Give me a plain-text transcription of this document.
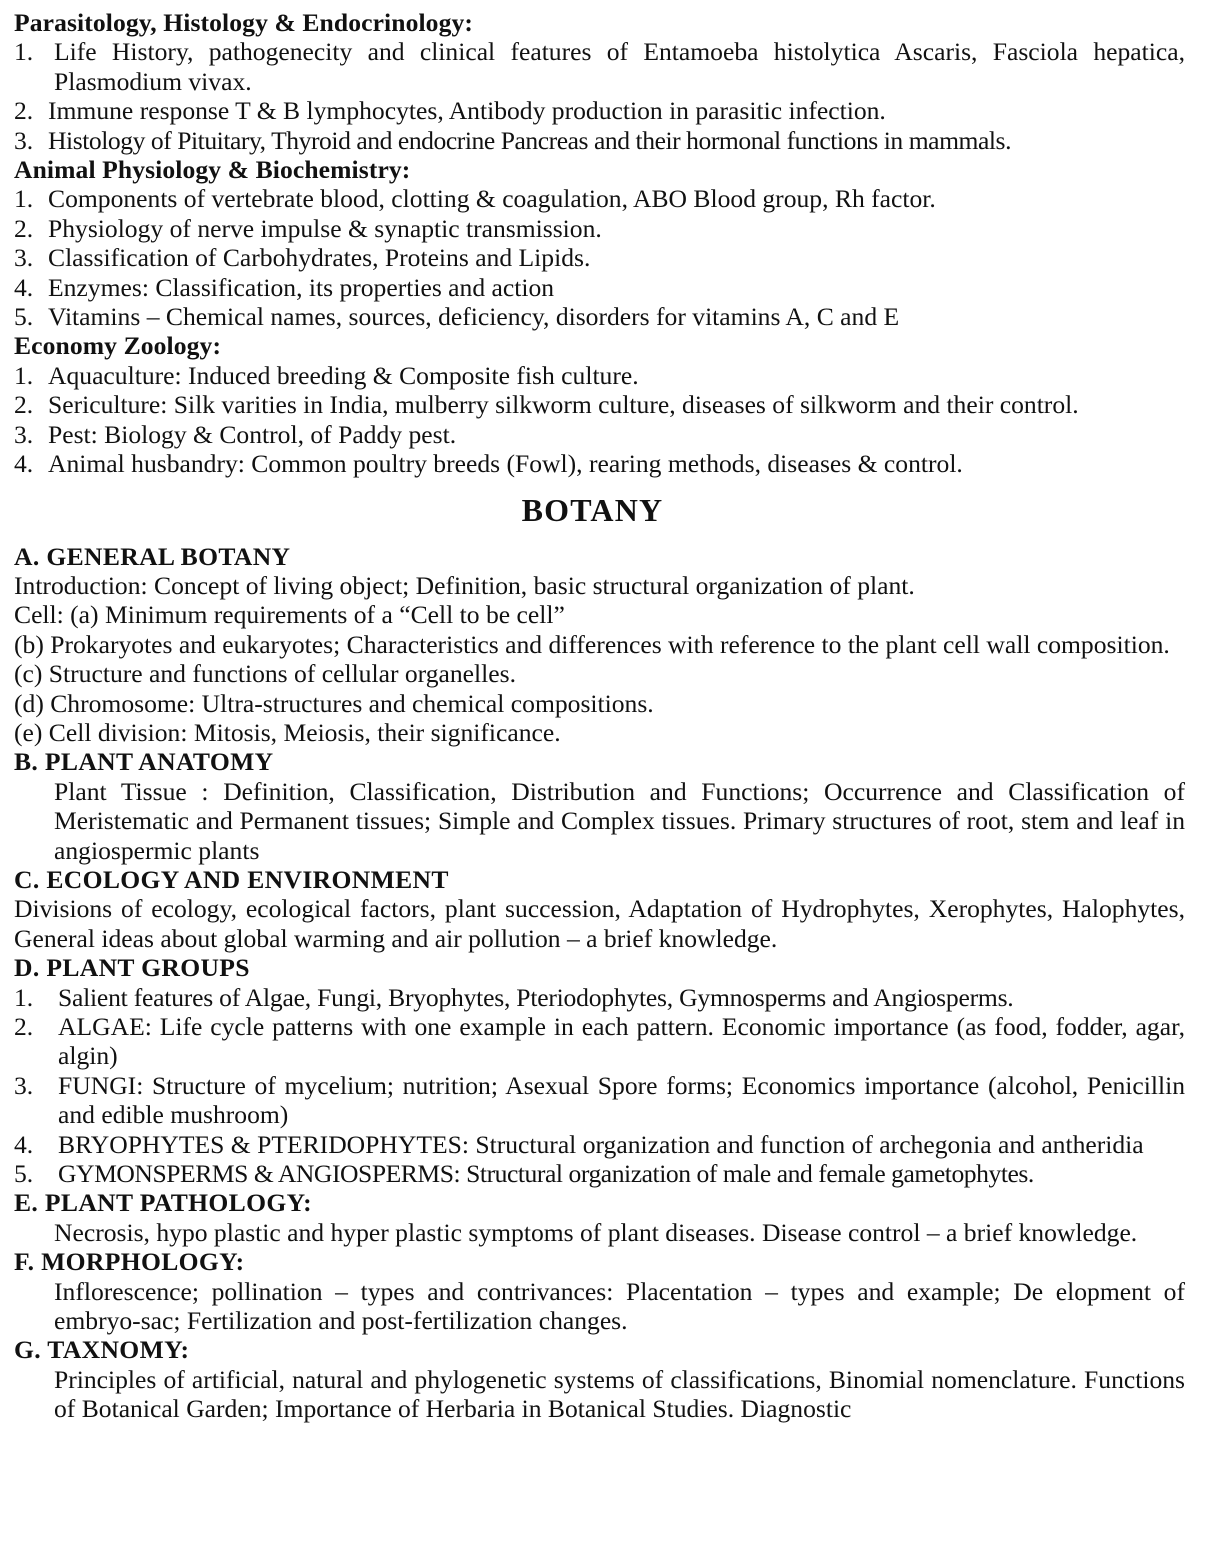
Parasitology, Histology & Endocrinology:
1. Life History, pathogenecity and clinical features of Entamoeba histolytica Ascaris, Fasciola hepatica, Plasmodium vivax.
2. Immune response T & B lymphocytes, Antibody production in parasitic infection.
3. Histology of Pituitary, Thyroid and endocrine Pancreas and their hormonal functions in mammals.
Animal Physiology & Biochemistry:
1. Components of vertebrate blood, clotting & coagulation, ABO Blood group, Rh factor.
2. Physiology of nerve impulse & synaptic transmission.
3. Classification of Carbohydrates, Proteins and Lipids.
4. Enzymes: Classification, its properties and action
5. Vitamins – Chemical names, sources, deficiency, disorders for vitamins A, C and E
Economy Zoology:
1. Aquaculture: Induced breeding & Composite fish culture.
2. Sericulture: Silk varities in India, mulberry silkworm culture, diseases of silkworm and their control.
3. Pest: Biology & Control, of Paddy pest.
4. Animal husbandry: Common poultry breeds (Fowl), rearing methods, diseases & control.
BOTANY
A. GENERAL BOTANY
Introduction: Concept of living object; Definition, basic structural organization of plant.
Cell: (a) Minimum requirements of a “Cell to be cell”
(b) Prokaryotes and eukaryotes; Characteristics and differences with reference to the plant cell wall composition.
(c) Structure and functions of cellular organelles.
(d) Chromosome: Ultra-structures and chemical compositions.
(e) Cell division: Mitosis, Meiosis, their significance.
B. PLANT ANATOMY
Plant Tissue : Definition, Classification, Distribution and Functions; Occurrence and Classification of Meristematic and Permanent tissues; Simple and Complex tissues. Primary structures of root, stem and leaf in angiospermic plants
C. ECOLOGY AND ENVIRONMENT
Divisions of ecology, ecological factors, plant succession, Adaptation of Hydrophytes, Xerophytes, Halophytes, General ideas about global warming and air pollution – a brief knowledge.
D. PLANT GROUPS
1. Salient features of Algae, Fungi, Bryophytes, Pteriodophytes, Gymnosperms and Angiosperms.
2. ALGAE: Life cycle patterns with one example in each pattern. Economic importance (as food, fodder, agar, algin)
3. FUNGI: Structure of mycelium; nutrition; Asexual Spore forms; Economics importance (alcohol, Penicillin and edible mushroom)
4. BRYOPHYTES & PTERIDOPHYTES: Structural organization and function of archegonia and antheridia
5. GYMONSPERMS & ANGIOSPERMS: Structural organization of male and female gametophytes.
E. PLANT PATHOLOGY:
Necrosis, hypo plastic and hyper plastic symptoms of plant diseases. Disease control – a brief knowledge.
F. MORPHOLOGY:
Inflorescence; pollination – types and contrivances: Placentation – types and example; De elopment of embryo-sac; Fertilization and post-fertilization changes.
G. TAXNOMY:
Principles of artificial, natural and phylogenetic systems of classifications, Binomial nomenclature. Functions of Botanical Garden; Importance of Herbaria in Botanical Studies. Diagnostic
